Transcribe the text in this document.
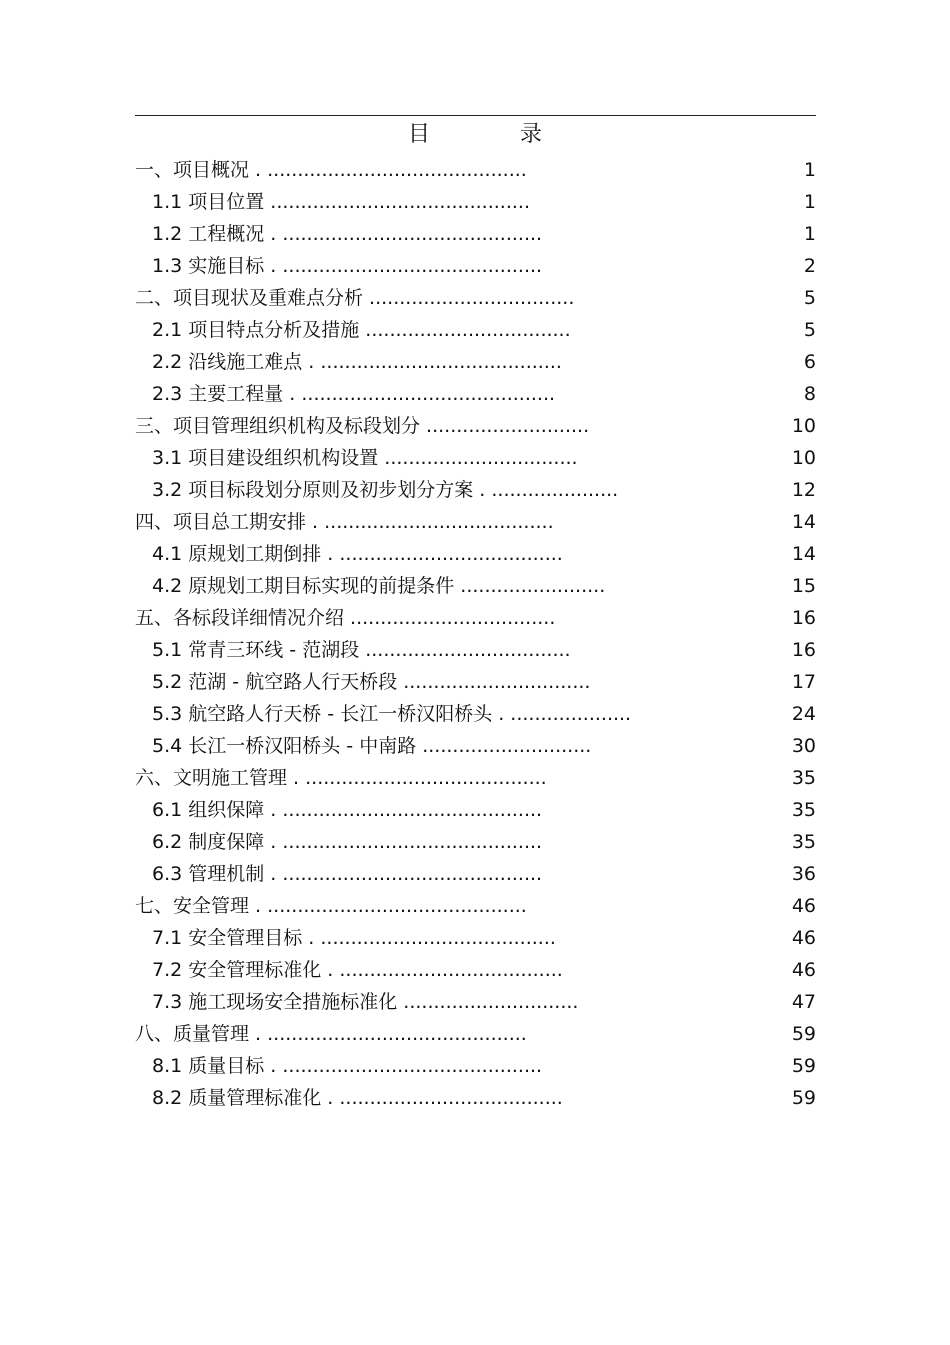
目　录
一、项目概况 . ...........................................	1
1.1 项目位置 ...........................................	1
1.2 工程概况 . ...........................................	1
1.3 实施目标 . ...........................................	2
二、项目现状及重难点分析 ..................................	5
2.1 项目特点分析及措施 ..................................	5
2.2 沿线施工难点 . ........................................	6
2.3 主要工程量 . ..........................................	8
三、项目管理组织机构及标段划分 ...........................	10
3.1 项目建设组织机构设置 ................................	10
3.2 项目标段划分原则及初步划分方案 . .....................	12
四、项目总工期安排 . ......................................	14
4.1 原规划工期倒排 . .....................................	14
4.2 原规划工期目标实现的前提条件 ........................	15
五、各标段详细情况介绍 ..................................	16
5.1 常青三环线 - 范湖段 ..................................	16
5.2 范湖 - 航空路人行天桥段 ...............................	17
5.3 航空路人行天桥 - 长江一桥汉阳桥头 . ....................	24
5.4 长江一桥汉阳桥头 - 中南路 ............................	30
六、文明施工管理 . ........................................	35
6.1 组织保障 . ...........................................	35
6.2 制度保障 . ...........................................	35
6.3 管理机制 . ...........................................	36
七、安全管理 . ...........................................	46
7.1 安全管理目标 . .......................................	46
7.2 安全管理标准化 . .....................................	46
7.3 施工现场安全措施标准化 .............................	47
八、质量管理 . ...........................................	59
8.1 质量目标 . ...........................................	59
8.2 质量管理标准化 . .....................................	59
